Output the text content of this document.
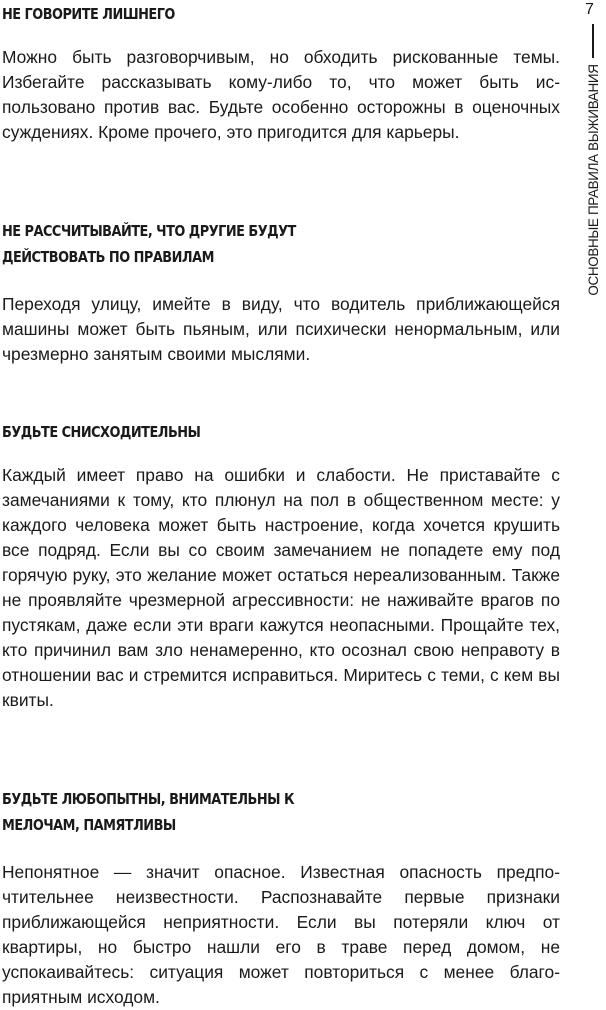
НЕ ГОВОРИТЕ ЛИШНЕГО

Можно быть разговорчивым, но обходить рискованные темы. Избегайте рассказывать кому-либо то, что может быть использовано против вас. Будьте особенно осторожны в оценочных суждениях. Кроме прочего, это пригодится для карьеры.

НЕ РАССЧИТЫВАЙТЕ, ЧТО ДРУГИЕ БУДУТ ДЕЙСТВОВАТЬ ПО ПРАВИЛАМ

Переходя улицу, имейте в виду, что водитель приближающейся машины может быть пьяным, или психически ненормальным, или чрезмерно занятым своими мыслями.

БУДЬТЕ СНИСХОДИТЕЛЬНЫ

Каждый имеет право на ошибки и слабости. Не приставайте с замечаниями к тому, кто плюнул на пол в общественном месте: у каждого человека может быть настроение, когда хочется крушить все подряд. Если вы со своим замечанием не попадете ему под горячую руку, это желание может остаться нереализованным. Также не проявляйте чрезмерной агрессивности: не наживайте врагов по пустякам, даже если эти враги кажутся неопасными. Прощайте тех, кто причинил вам зло ненамеренно, кто осознал свою неправоту в отношении вас и стремится исправиться. Миритесь с теми, с кем вы квиты.

БУДЬТЕ ЛЮБОПЫТНЫ, ВНИМАТЕЛЬНЫ К МЕЛОЧАМ, ПАМЯТЛИВЫ

Непонятное — значит опасное. Известная опасность предпочтительнее неизвестности. Распознавайте первые признаки приближающейся неприятности. Если вы потеряли ключ от квартиры, но быстро нашли его в траве перед домом, не успокаивайтесь: ситуация может повториться с менее благоприятным исходом.

7
ОСНОВНЫЕ ПРАВИЛА ВЫЖИВАНИЯ
